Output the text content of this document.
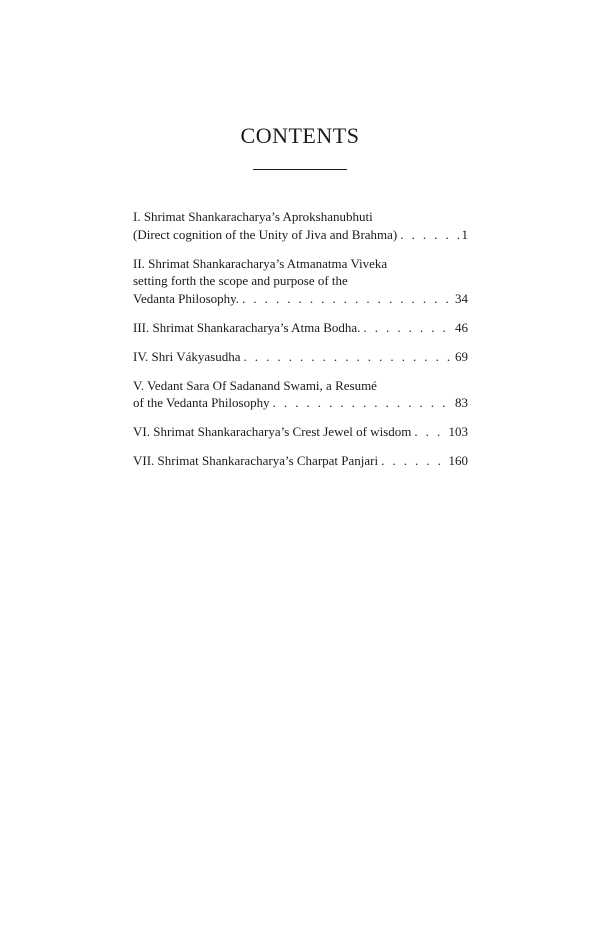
CONTENTS
I. Shrimat Shankaracharya’s Aprokshanubhuti
(Direct cognition of the Unity of Jiva and Brahma) . . .	1
II. Shrimat Shankaracharya’s Atmanatma Viveka
setting forth the scope and purpose of the
Vedanta Philosophy. . . .	34
III. Shrimat Shankaracharya’s Atma Bodha. . . .	46
IV. Shri Vákyasudha . . .	69
V. Vedant Sara Of Sadanand Swami, a Resumé
of the Vedanta Philosophy . . .	83
VI. Shrimat Shankaracharya’s Crest Jewel of wisdom . . .	103
VII. Shrimat Shankaracharya’s Charpat Panjari . . .	160
